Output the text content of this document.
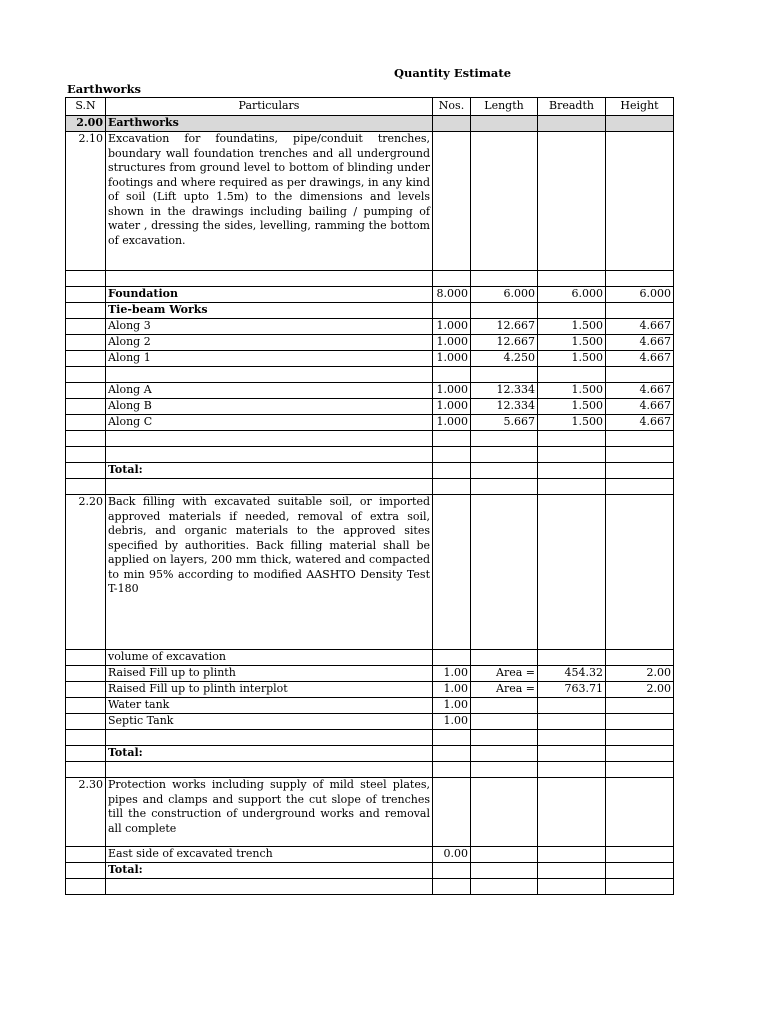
Quantity Estimate
Earthworks
S.N	Particulars	Nos.	Length	Breadth	Height
2.00	Earthworks				
2.10	Excavation for foundatins, pipe/conduit trenches, boundary wall foundation trenches and all underground structures from ground level to bottom of blinding under footings and where required as per drawings, in any kind of soil (Lift upto 1.5m) to the dimensions and levels shown in the drawings including bailing / pumping of water , dressing the sides, levelling, ramming the bottom of excavation.				

	Foundation	8.000	6.000	6.000	6.000
	Tie-beam Works				
	Along 3	1.000	12.667	1.500	4.667
	Along 2	1.000	12.667	1.500	4.667
	Along 1	1.000	4.250	1.500	4.667

	Along A	1.000	12.334	1.500	4.667
	Along B	1.000	12.334	1.500	4.667
	Along C	1.000	5.667	1.500	4.667

	Total:				

2.20	Back filling with excavated suitable soil, or imported approved materials if needed, removal of extra soil, debris, and organic materials to the approved sites specified by authorities. Back filling material shall be applied on layers, 200 mm thick, watered and compacted to min 95% according to modified AASHTO Density Test T-180				
	volume of excavation				
	Raised Fill up to plinth	1.00	Area =	454.32	2.00
	Raised Fill up to plinth interplot	1.00	Area =	763.71	2.00
	Water tank	1.00			
	Septic Tank	1.00			

	Total:				

2.30	Protection works including supply of mild steel plates, pipes and clamps and support the cut slope of trenches till the construction of underground works and removal all complete				
	East side of excavated trench	0.00			
	Total:				
